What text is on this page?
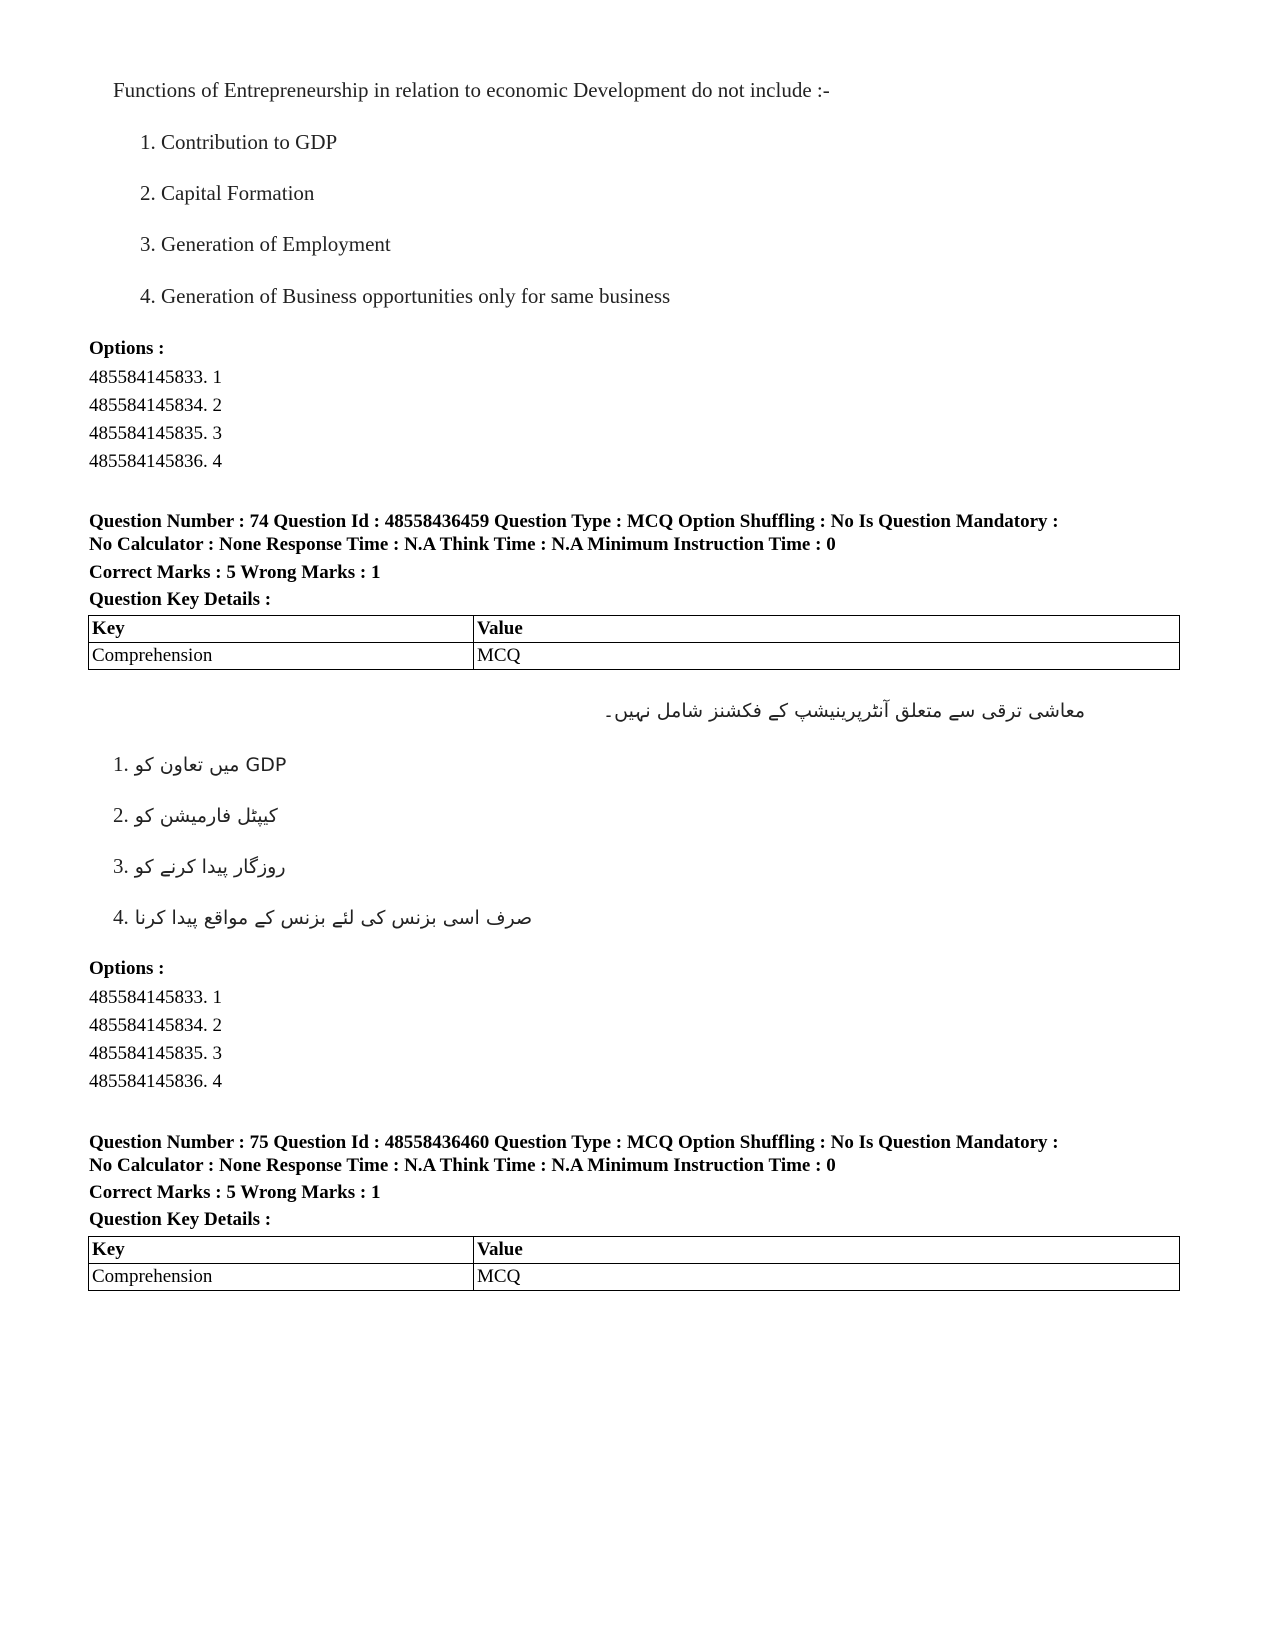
Functions of Entrepreneurship in relation to economic Development do not include :-
1. Contribution to GDP
2. Capital Formation
3. Generation of Employment
4. Generation of Business opportunities only for same business
Options :
485584145833. 1
485584145834. 2
485584145835. 3
485584145836. 4
Question Number : 74 Question Id : 48558436459 Question Type : MCQ Option Shuffling : No Is Question Mandatory :
No Calculator : None Response Time : N.A Think Time : N.A Minimum Instruction Time : 0
Correct Marks : 5 Wrong Marks : 1
Question Key Details :
Key	Value
Comprehension	MCQ
معاشی ترقی سے متعلق آنٹرپرینیشپ کے فکشنز شامل نہیں۔
1. میں تعاون کو GDP
2. کیپٹل فارمیشن کو
3. روزگار پیدا کرنے کو
4. صرف اسی بزنس کی لئے بزنس کے مواقع پیدا کرنا
Options :
485584145833. 1
485584145834. 2
485584145835. 3
485584145836. 4
Question Number : 75 Question Id : 48558436460 Question Type : MCQ Option Shuffling : No Is Question Mandatory :
No Calculator : None Response Time : N.A Think Time : N.A Minimum Instruction Time : 0
Correct Marks : 5 Wrong Marks : 1
Question Key Details :
Key	Value
Comprehension	MCQ
